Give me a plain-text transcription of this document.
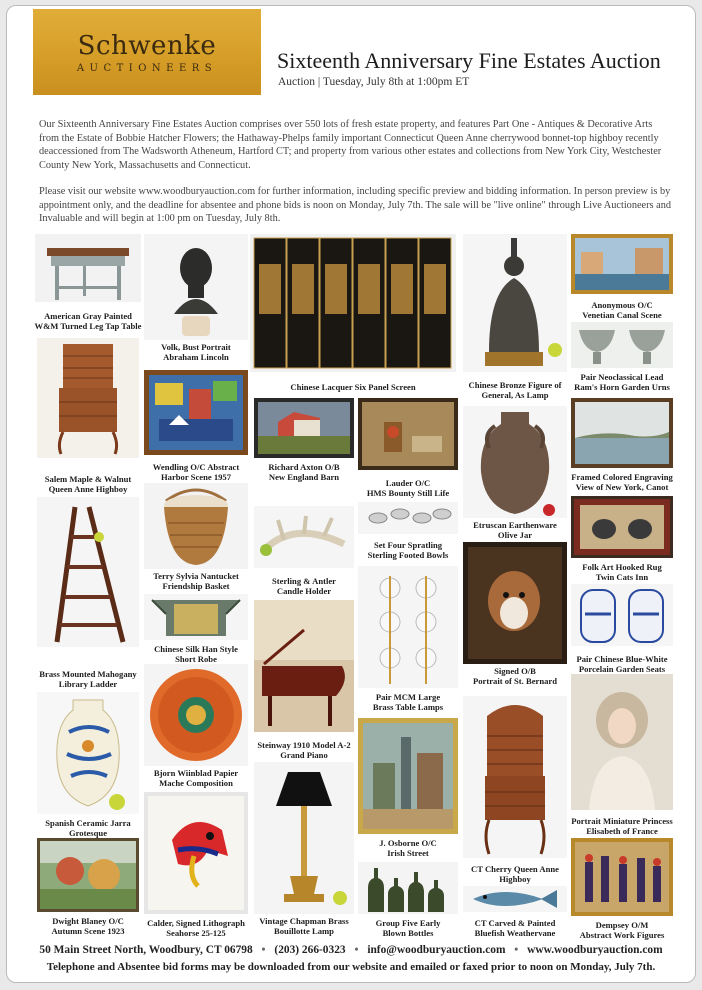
Schwenke
AUCTIONEERS	Sixteenth Anniversary Fine Estates Auction
Auction | Tuesday, July 8th at 1:00pm ET

Our Sixteenth Anniversary Fine Estates Auction comprises over 550 lots of fresh estate property, and features Part One - Antiques & Decorative Arts from the Estate of Bobbie Hatcher Flowers; the Hathaway-Phelps family important Connecticut Queen Anne cherrywood bonnet-top highboy recently deaccessioned from The Wadsworth Atheneum, Hartford CT; and property from various other estates and collections from New York City, Westchester County New York, Massachusetts and Connecticut.

Please visit our website www.woodburyauction.com for further information, including specific preview and bidding information. In person preview is by appointment only, and the deadline for absentee and phone bids is noon on Monday, July 7th. The sale will be "live online" through Live Auctioneers and Invaluable and will begin at 1:00 pm on Tuesday, July 8th.

American Gray Painted
W&M Turned Leg Tap Table
Salem Maple & Walnut
Queen Anne Highboy
Brass Mounted Mahogany
Library Ladder
Spanish Ceramic Jarra
Grotesque
Dwight Blaney O/C
Autumn Scene 1923
Volk, Bust Portrait
Abraham Lincoln
Wendling O/C Abstract
Harbor Scene 1957
Terry Sylvia Nantucket
Friendship Basket
Chinese Silk Han Style
Short Robe
Bjorn Wiinblad Papier
Mache Composition
Calder, Signed Lithograph
Seahorse 25-125
Chinese Lacquer Six Panel Screen
Richard Axton O/B
New England Barn
Sterling & Antler
Candle Holder
Steinway 1910 Model A-2
Grand Piano
Vintage Chapman Brass
Bouillotte Lamp
Lauder O/C
HMS Bounty Still Life
Set Four Spratling
Sterling Footed Bowls
Pair MCM Large
Brass Table Lamps
J. Osborne O/C
Irish Street
Group Five Early
Blown Bottles
Chinese Bronze Figure of
General, As Lamp
Etruscan Earthenware
Olive Jar
Signed O/B
Portrait of St. Bernard
CT Cherry Queen Anne
Highboy
CT Carved & Painted
Bluefish Weathervane
Anonymous O/C
Venetian Canal Scene
Pair Neoclassical Lead
Ram's Horn Garden Urns
Framed Colored Engraving
View of New York, Canot
Folk Art Hooked Rug
Twin Cats Inn
Pair Chinese Blue-White
Porcelain Garden Seats
Portrait Miniature Princess
Elisabeth of France
Dempsey O/M
Abstract Work Figures
50 Main Street North, Woodbury, CT 06798 • (203) 266-0323 • info@woodburyauction.com • www.woodburyauction.com
Telephone and Absentee bid forms may be downloaded from our website and emailed or faxed prior to noon on Monday, July 7th.
